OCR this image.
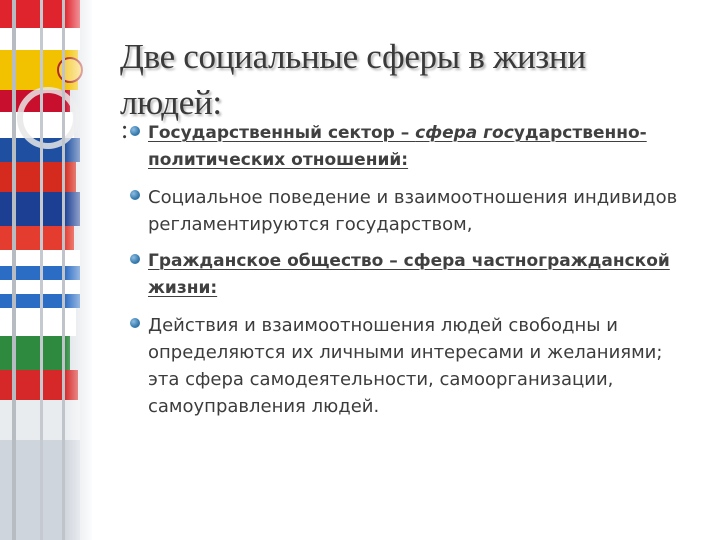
Две социальные сферы в жизни людей:
:	Государственный сектор – сфера государственно-политических отношений:
Социальное поведение и взаимоотношения индивидов регламентируются государством,
Гражданское общество – сфера частногражданской жизни:
Действия и взаимоотношения людей свободны и определяются их личными интересами и желаниями; эта сфера самодеятельности, самоорганизации, самоуправления людей.
